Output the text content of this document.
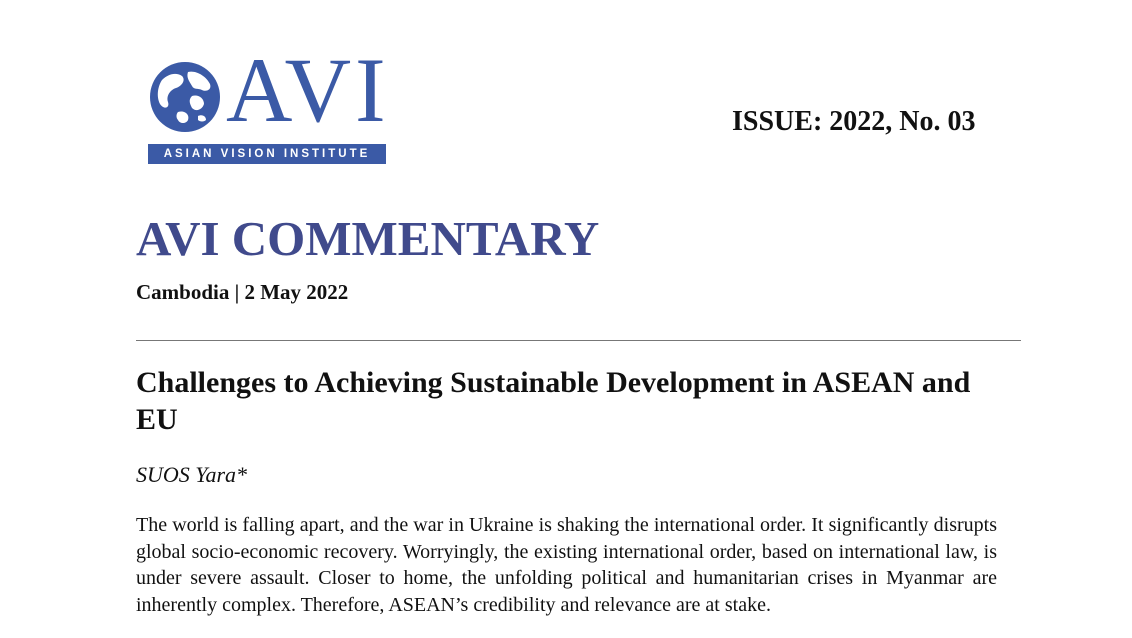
AVI
ASIAN VISION INSTITUTE
ISSUE: 2022, No. 03
AVI COMMENTARY
Cambodia | 2 May 2022
Challenges to Achieving Sustainable Development in ASEAN and EU
SUOS Yara*
The world is falling apart, and the war in Ukraine is shaking the international order. It significantly disrupts global socio-economic recovery. Worryingly, the existing international order, based on international law, is under severe assault. Closer to home, the unfolding political and humanitarian crises in Myanmar are inherently complex. Therefore, ASEAN’s credibility and relevance are at stake.
